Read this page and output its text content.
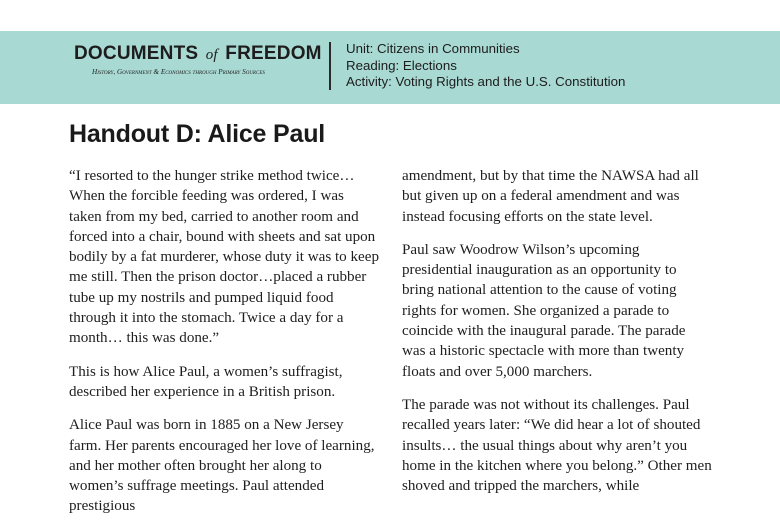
DOCUMENTS of FREEDOM
History, Government & Economics through Primary Sources
Unit: Citizens in Communities
Reading: Elections
Activity: Voting Rights and the U.S. Constitution
Handout D: Alice Paul

“I resorted to the hunger strike method twice… When the forcible feeding was ordered, I was taken from my bed, carried to another room and forced into a chair, bound with sheets and sat upon bodily by a fat murderer, whose duty it was to keep me still. Then the prison doctor…placed a rubber tube up my nostrils and pumped liquid food through it into the stomach. Twice a day for a month… this was done.”

This is how Alice Paul, a women’s suffragist, described her experience in a British prison.

Alice Paul was born in 1885 on a New Jersey farm. Her parents encouraged her love of learning, and her mother often brought her along to women’s suffrage meetings. Paul attended prestigious

amendment, but by that time the NAWSA had all but given up on a federal amendment and was instead focusing efforts on the state level.

Paul saw Woodrow Wilson’s upcoming presidential inauguration as an opportunity to bring national attention to the cause of voting rights for women. She organized a parade to coincide with the inaugural parade. The parade was a historic spectacle with more than twenty floats and over 5,000 marchers.

The parade was not without its challenges. Paul recalled years later: “We did hear a lot of shouted insults… the usual things about why aren’t you home in the kitchen where you belong.” Other men shoved and tripped the marchers, while
